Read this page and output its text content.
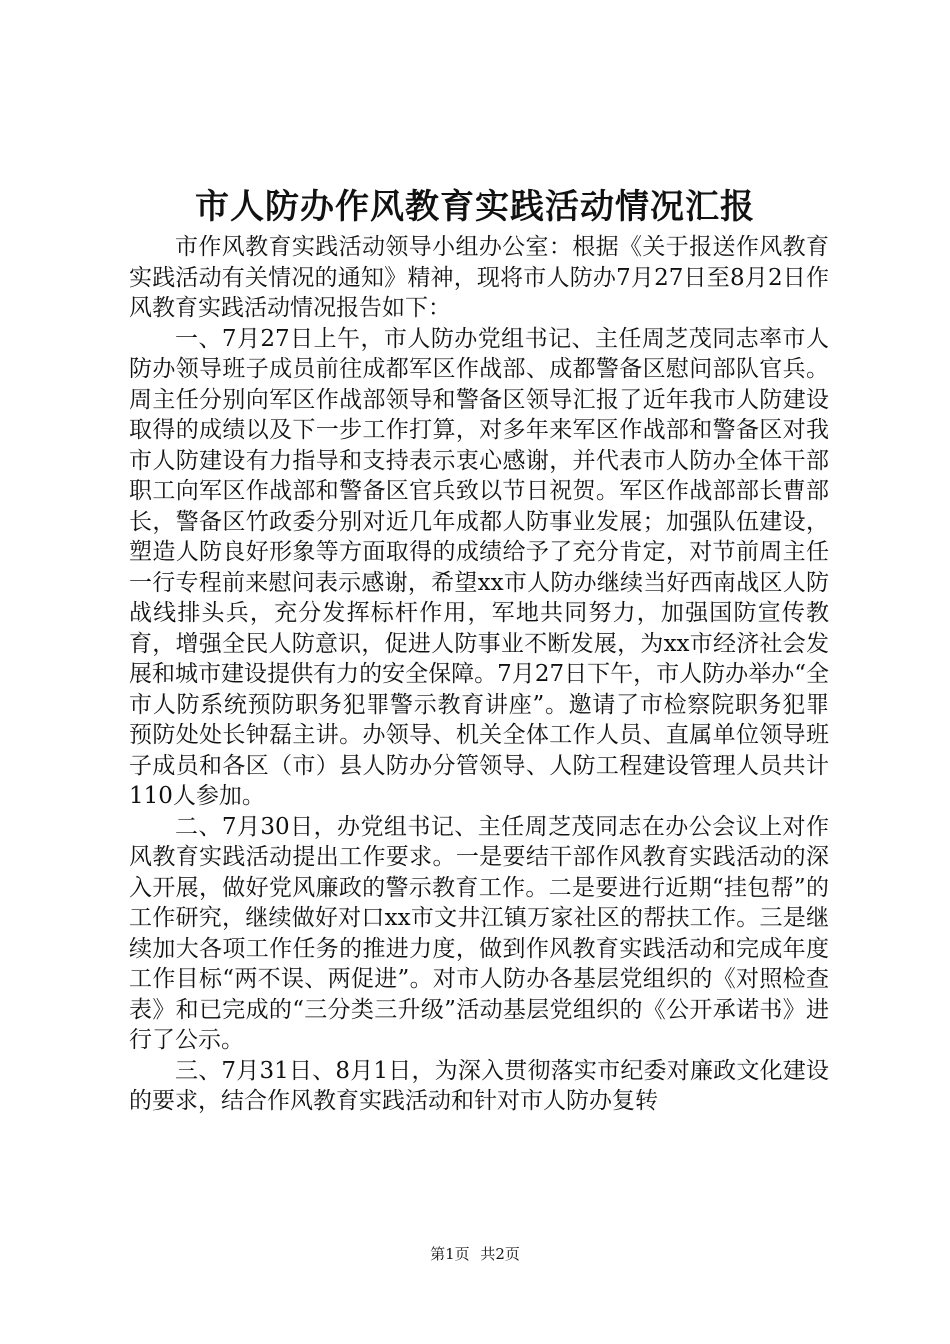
市人防办作风教育实践活动情况汇报

市作风教育实践活动领导小组办公室：根据《关于报送作风教育实践活动有关情况的通知》精神，现将市人防办7月27日至8月2日作风教育实践活动情况报告如下：

一、7月27日上午，市人防办党组书记、主任周芝茂同志率市人防办领导班子成员前往成都军区作战部、成都警备区慰问部队官兵。周主任分别向军区作战部领导和警备区领导汇报了近年我市人防建设取得的成绩以及下一步工作打算，对多年来军区作战部和警备区对我市人防建设有力指导和支持表示衷心感谢，并代表市人防办全体干部职工向军区作战部和警备区官兵致以节日祝贺。军区作战部部长曹部长，警备区竹政委分别对近几年成都人防事业发展；加强队伍建设，塑造人防良好形象等方面取得的成绩给予了充分肯定，对节前周主任一行专程前来慰问表示感谢，希望xx市人防办继续当好西南战区人防战线排头兵，充分发挥标杆作用，军地共同努力，加强国防宣传教育，增强全民人防意识，促进人防事业不断发展，为xx市经济社会发展和城市建设提供有力的安全保障。7月27日下午，市人防办举办“全市人防系统预防职务犯罪警示教育讲座”。邀请了市检察院职务犯罪预防处处长钟磊主讲。办领导、机关全体工作人员、直属单位领导班子成员和各区（市）县人防办分管领导、人防工程建设管理人员共计110人参加。

二、7月30日，办党组书记、主任周芝茂同志在办公会议上对作风教育实践活动提出工作要求。一是要结干部作风教育实践活动的深入开展，做好党风廉政的警示教育工作。二是要进行近期“挂包帮”的工作研究，继续做好对口xx市文井江镇万家社区的帮扶工作。三是继续加大各项工作任务的推进力度，做到作风教育实践活动和完成年度工作目标“两不误、两促进”。对市人防办各基层党组织的《对照检查表》和已完成的“三分类三升级”活动基层党组织的《公开承诺书》进行了公示。

三、7月31日、8月1日，为深入贯彻落实市纪委对廉政文化建设的要求，结合作风教育实践活动和针对市人防办复转

第1页 共2页
